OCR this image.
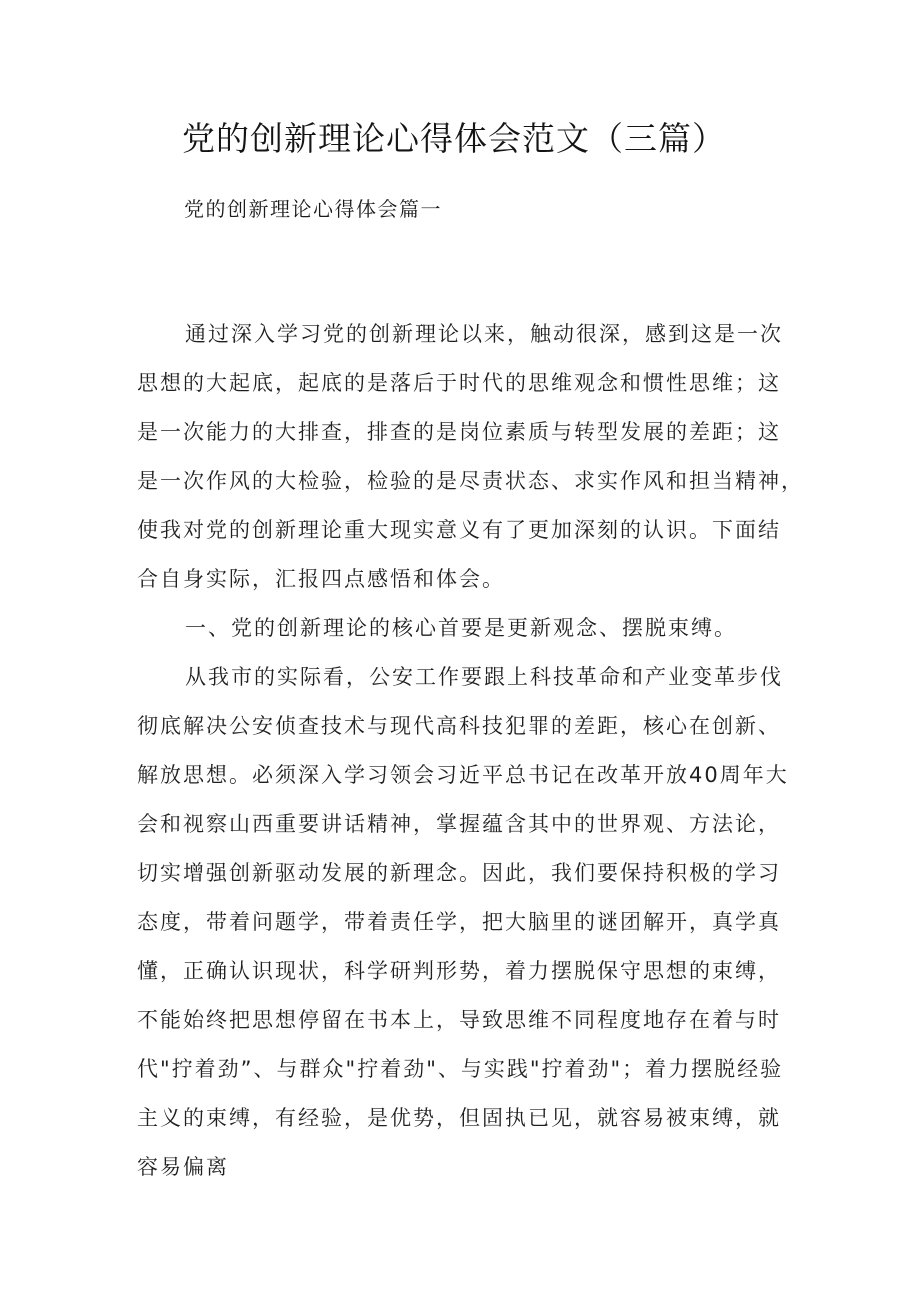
党的创新理论心得体会范文（三篇）
党的创新理论心得体会篇一
通过深入学习党的创新理论以来，触动很深，感到这是一次
思想的大起底，起底的是落后于时代的思维观念和惯性思维；这
是一次能力的大排查，排查的是岗位素质与转型发展的差距；这
是一次作风的大检验，检验的是尽责状态、求实作风和担当精神，
使我对党的创新理论重大现实意义有了更加深刻的认识。下面结
合自身实际，汇报四点感悟和体会。
一、党的创新理论的核心首要是更新观念、摆脱束缚。
从我市的实际看，公安工作要跟上科技革命和产业变革步伐
彻底解决公安侦查技术与现代高科技犯罪的差距，核心在创新、
解放思想。必须深入学习领会习近平总书记在改革开放40周年大
会和视察山西重要讲话精神，掌握蕴含其中的世界观、方法论，
切实增强创新驱动发展的新理念。因此，我们要保持积极的学习
态度，带着问题学，带着责任学，把大脑里的谜团解开，真学真
懂，正确认识现状，科学研判形势，着力摆脱保守思想的束缚，
不能始终把思想停留在书本上，导致思维不同程度地存在着与时
代"拧着劲”、与群众"拧着劲"、与实践"拧着劲"；着力摆脱经验
主义的束缚，有经验，是优势，但固执已见，就容易被束缚，就
容易偏离
